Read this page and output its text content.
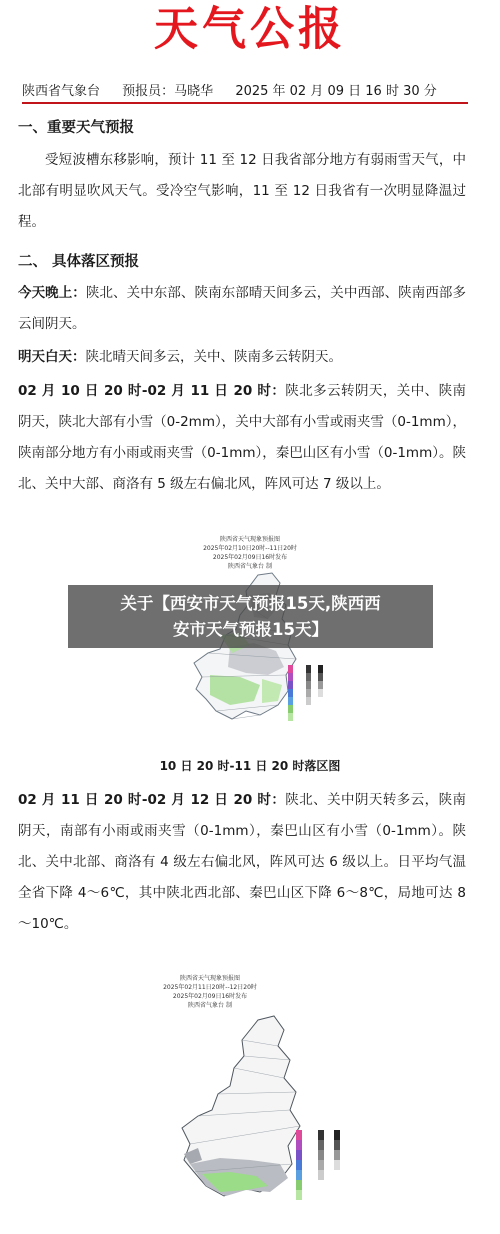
天气公报
陕西省气象台 预报员：马晓华 2025 年 02 月 09 日 16 时 30 分
一、重要天气预报
受短波槽东移影响，预计 11 至 12 日我省部分地方有弱雨雪天气，中北部有明显吹风天气。受冷空气影响，11 至 12 日我省有一次明显降温过程。
二、 具体落区预报
今天晚上：陕北、关中东部、陕南东部晴天间多云，关中西部、陕南西部多云间阴天。
明天白天：陕北晴天间多云，关中、陕南多云转阴天。
02 月 10 日 20 时-02 月 11 日 20 时：陕北多云转阴天，关中、陕南阴天，陕北大部有小雪（0-2mm），关中大部有小雪或雨夹雪（0-1mm），陕南部分地方有小雨或雨夹雪（0-1mm），秦巴山区有小雪（0-1mm）。陕北、关中大部、商洛有 5 级左右偏北风，阵风可达 7 级以上。
陕西省天气现象预报图
2025年02月10日20时--11日20时
2025年02月09日16时发布
陕西省气象台 制
10 日 20 时-11 日 20 时落区图
02 月 11 日 20 时-02 月 12 日 20 时：陕北、关中阴天转多云，陕南阴天，南部有小雨或雨夹雪（0-1mm），秦巴山区有小雪（0-1mm）。陕北、关中北部、商洛有 4 级左右偏北风，阵风可达 6 级以上。日平均气温全省下降 4～6℃，其中陕北西北部、秦巴山区下降 6～8℃，局地可达 8～10℃。
陕西省天气现象预报图
2025年02月11日20时--12日20时
2025年02月09日16时发布
陕西省气象台 制
关于【西安市天气预报15天,陕西西
安市天气预报15天】
